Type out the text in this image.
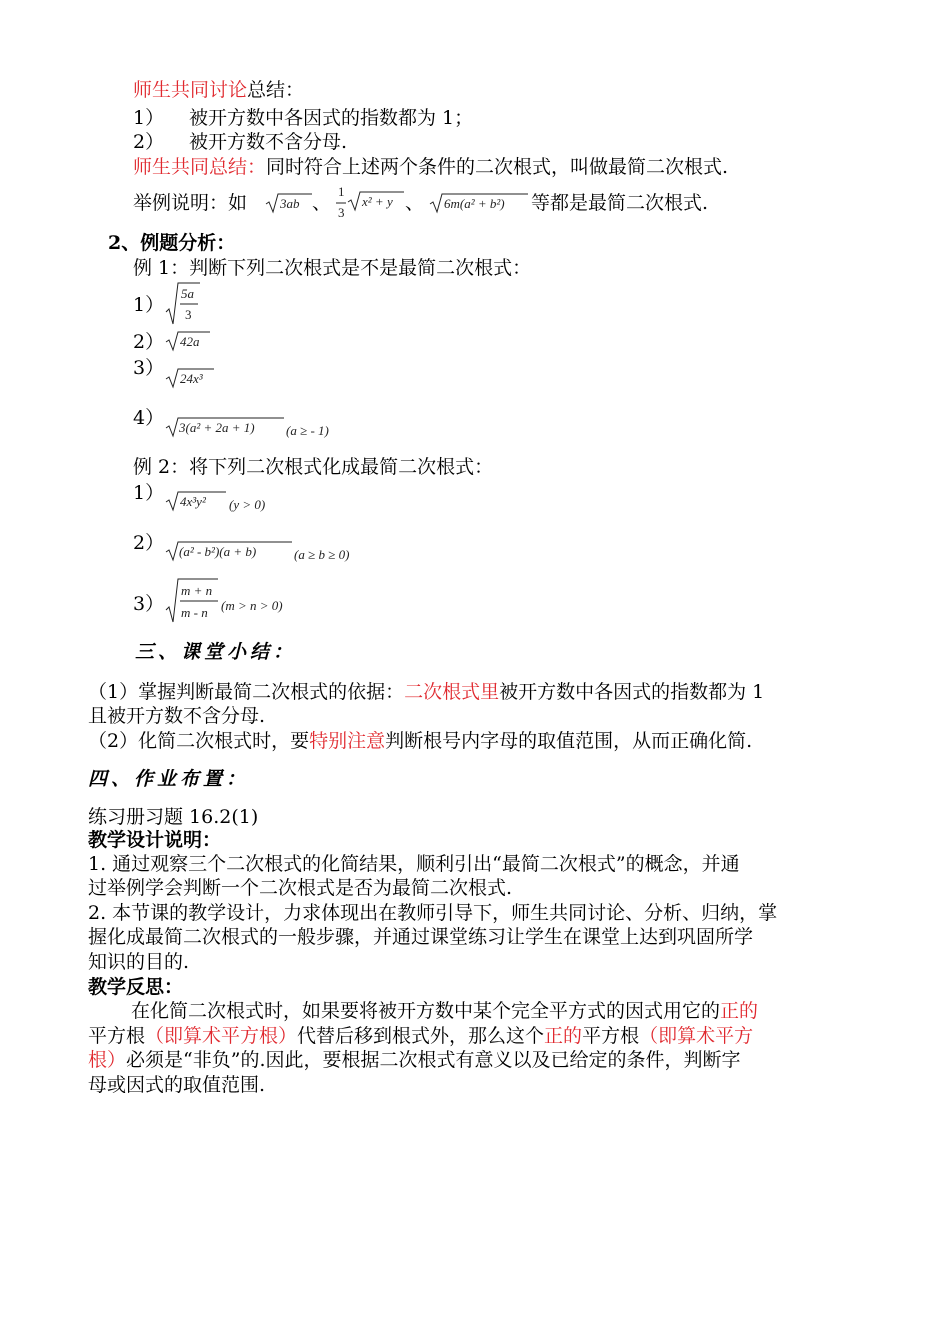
师生共同讨论总结：
1） 被开方数中各因式的指数都为 1；
2） 被开方数不含分母.
师生共同总结：同时符合上述两个条件的二次根式，叫做最简二次根式.
举例说明：如	3ab 、
1
3
x² + y 、 6m(a² + b²) 等都是最简二次根式.
2、例题分析：
例 1：判断下列二次根式是不是最简二次根式：
1）
5a
3
2） 42a
3） 24x³
4） 3(a² + 2a + 1) (a ≥ - 1)
例 2：将下列二次根式化成最简二次根式：
1） 4x³y² (y > 0)
2） (a² - b²)(a + b)	(a ≥ b ≥ 0)
3）
m + n
m - n (m > n > 0)
三、课堂小结：
（1）掌握判断最简二次根式的依据：二次根式里被开方数中各因式的指数都为 1
且被开方数不含分母.
（2）化简二次根式时，要特别注意判断根号内字母的取值范围，从而正确化简.
四、作业布置：
练习册习题 16.2(1)
教学设计说明：
1. 通过观察三个二次根式的化简结果，顺利引出“最简二次根式”的概念，并通
过举例学会判断一个二次根式是否为最简二次根式.
2. 本节课的教学设计，力求体现出在教师引导下，师生共同讨论、分析、归纳，掌
握化成最简二次根式的一般步骤，并通过课堂练习让学生在课堂上达到巩固所学
知识的目的.
教学反思：
在化简二次根式时，如果要将被开方数中某个完全平方式的因式用它的正的
平方根（即算术平方根）代替后移到根式外，那么这个正的平方根（即算术平方
根）必须是“非负”的.因此，要根据二次根式有意义以及已给定的条件，判断字
母或因式的取值范围.
